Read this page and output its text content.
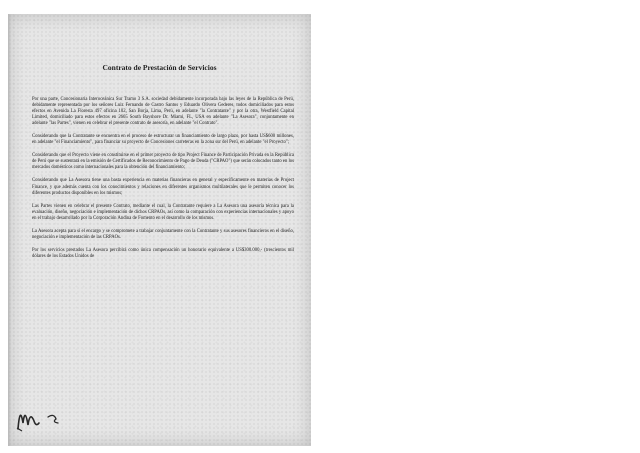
Contrato de Prestación de Servicios

Por una parte, Concesionaria Interoceánica Sur Tramo 3 S.A. sociedad debidamente incorporada bajo las leyes de la República de Perú, debidamente representada por los señores Luiz Fernando de Castro Santos y Eduardo Olivera Gederes, todos domiciliados para estos efectos en Avenida La Floresta 497 oficina 102, San Borja, Lima, Perú, en adelante "la Contratante" y por la otra, Westfield Capital Limited, domiciliado para estos efectos en 2665 South Bayshore Dr. Miami, FL, USA en adelante "La Asesora", conjuntamente en adelante "las Partes", vienen en celebrar el presente contrato de asesoría, en adelante "el Contrato".

Considerando que la Contratante se encuentra en el proceso de estructurar un financiamiento de largo plazo, por hasta US$600 millones, en adelante "el Financiamiento", para financiar su proyecto de Concesiones carreteras en la zona sur del Perú, en adelante "el Proyecto";

Considerando que el Proyecto viene en constituirse en el primer proyecto de tipo Project Finance de Participación Privada en la República de Perú que se sustentará en la emisión de Certificados de Reconocimiento de Pago de Deuda ("CRPAO") que serán colocados tanto en los mercados domésticos como internacionales para la obtención del financiamiento;

Considerando que La Asesora tiene una basta experiencia en materias financieras en general y específicamente en materias de Project Finance, y que además cuenta con los conocimientos y relaciones en diferentes organismos multilaterales que le permiten conocer los diferentes productos disponibles en los mismos;

Las Partes vienen en celebrar el presente Contrato, mediante el cual, la Contratante requiere a La Asesora una asesoría técnica para la evaluación, diseño, negociación e implementación de dichos CRPAOs, así como la comparación con experiencias internacionales y apoyo en el trabajo desarrollado por la Corporación Andina de Fomento en el desarrollo de los mismos.

La Asesora acepta para sí el encargo y se compromete a trabajar conjuntamente con la Contratante y sus asesores financieros en el diseño, negociación e implementación de las CRPAOs.

Por los servicios prestados La Asesora percibirá como única compensación un honorario equivalente a US$300.000,- (trescientos mil dólares de los Estados Unidos de
